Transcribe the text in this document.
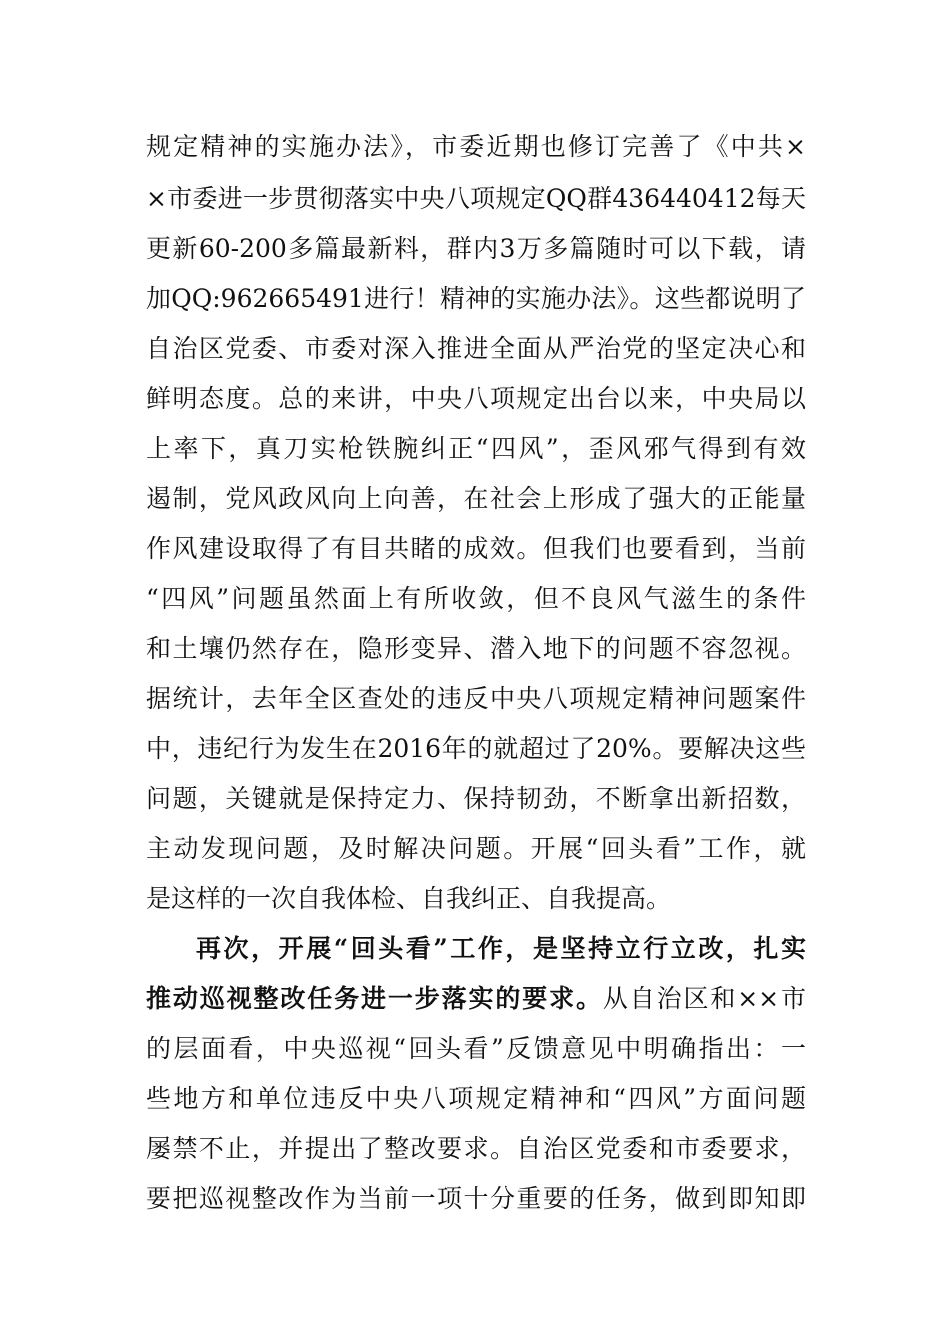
规定精神的实施办法》，市委近期也修订完善了《中共×
×市委进一步贯彻落实中央八项规定QQ群436440412每天
更新60-200多篇最新料，群内3万多篇随时可以下载，请
加QQ:962665491进行！精神的实施办法》。这些都说明了
自治区党委、市委对深入推进全面从严治党的坚定决心和
鲜明态度。总的来讲，中央八项规定出台以来，中央局以
上率下，真刀实枪铁腕纠正“四风”，歪风邪气得到有效
遏制，党风政风向上向善，在社会上形成了强大的正能量
作风建设取得了有目共睹的成效。但我们也要看到，当前
“四风”问题虽然面上有所收敛，但不良风气滋生的条件
和土壤仍然存在，隐形变异、潜入地下的问题不容忽视。
据统计，去年全区查处的违反中央八项规定精神问题案件
中，违纪行为发生在2016年的就超过了20%。要解决这些
问题，关键就是保持定力、保持韧劲，不断拿出新招数，
主动发现问题，及时解决问题。开展“回头看”工作，就
是这样的一次自我体检、自我纠正、自我提高。
再次，开展“回头看”工作，是坚持立行立改，扎实
推动巡视整改任务进一步落实的要求。从自治区和××市
的层面看，中央巡视“回头看”反馈意见中明确指出：一
些地方和单位违反中央八项规定精神和“四风”方面问题
屡禁不止，并提出了整改要求。自治区党委和市委要求，
要把巡视整改作为当前一项十分重要的任务，做到即知即
